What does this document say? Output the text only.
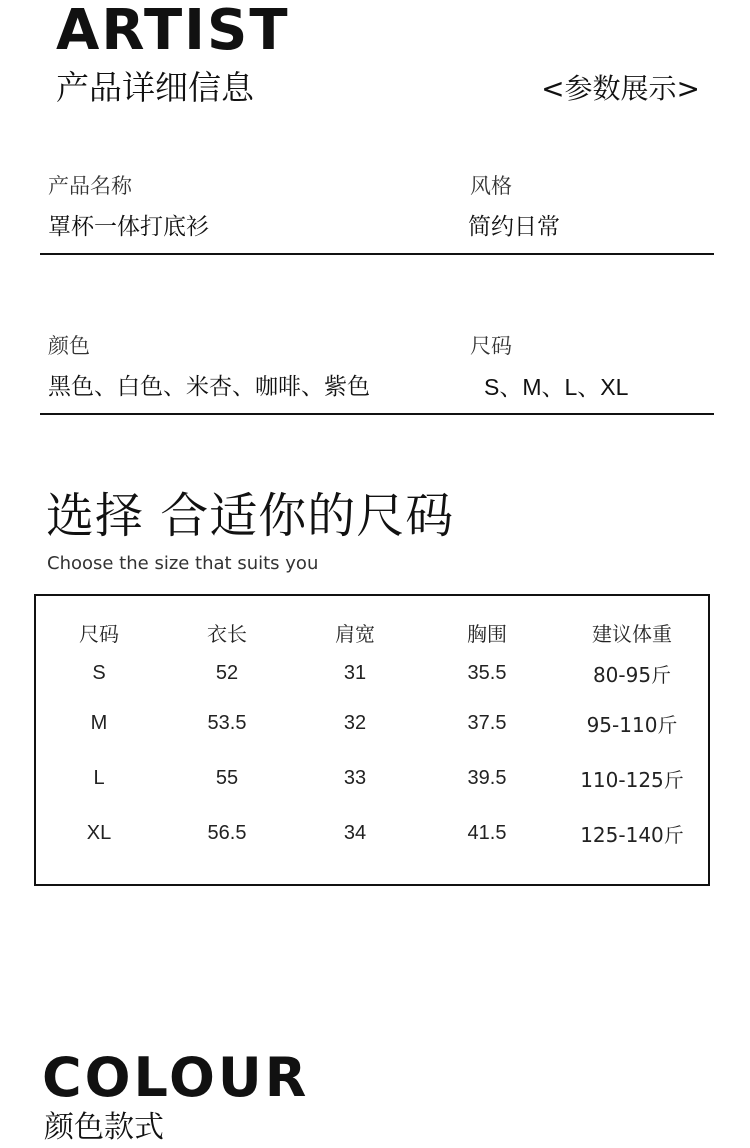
ARTIST
产品详细信息	<参数展示>
产品名称
罩杯一体打底衫
风格
简约日常
颜色
黑色、白色、米杏、咖啡、紫色
尺码
S、M、L、XL
选择 合适你的尺码
Choose the size that suits you
尺码	衣长	肩宽	胸围	建议体重
S	52	31	35.5	80-95斤
M	53.5	32	37.5	95-110斤
L	55	33	39.5	110-125斤
XL	56.5	34	41.5	125-140斤
COLOUR
颜色款式
